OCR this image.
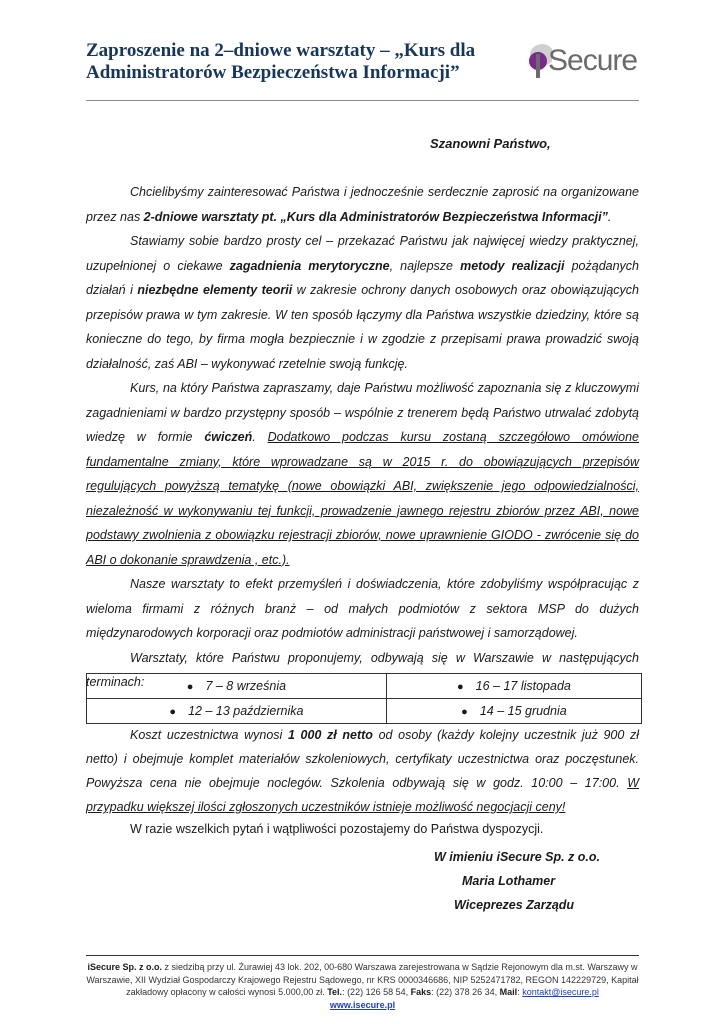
Zaproszenie na 2–dniowe warsztaty – „Kurs dla
Administratorów Bezpieczeństwa Informacji”	Secure
Szanowni Państwo,

Chcielibyśmy zainteresować Państwa i jednocześnie serdecznie zaprosić na organizowane przez nas 2-dniowe warsztaty pt. „Kurs dla Administratorów Bezpieczeństwa Informacji”.

Stawiamy sobie bardzo prosty cel – przekazać Państwu jak najwięcej wiedzy praktycznej, uzupełnionej o ciekawe zagadnienia merytoryczne, najlepsze metody realizacji pożądanych działań i niezbędne elementy teorii w zakresie ochrony danych osobowych oraz obowiązujących przepisów prawa w tym zakresie. W ten sposób łączymy dla Państwa wszystkie dziedziny, które są konieczne do tego, by firma mogła bezpiecznie i w zgodzie z przepisami prawa prowadzić swoją działalność, zaś ABI – wykonywać rzetelnie swoją funkcję.

Kurs, na który Państwa zapraszamy, daje Państwu możliwość zapoznania się z kluczowymi zagadnieniami w bardzo przystępny sposób – wspólnie z trenerem będą Państwo utrwalać zdobytą wiedzę w formie ćwiczeń. Dodatkowo podczas kursu zostaną szczegółowo omówione fundamentalne zmiany, które wprowadzane są w 2015 r. do obowiązujących przepisów regulujących powyższą tematykę (nowe obowiązki ABI, zwiększenie jego odpowiedzialności, niezależność w wykonywaniu tej funkcji, prowadzenie jawnego rejestru zbiorów przez ABI, nowe podstawy zwolnienia z obowiązku rejestracji zbiorów, nowe uprawnienie GIODO - zwrócenie się do ABI o dokonanie sprawdzenia , etc.).

Nasze warsztaty to efekt przemyśleń i doświadczenia, które zdobyliśmy współpracując z wieloma firmami z różnych branż – od małych podmiotów z sektora MSP do dużych międzynarodowych korporacji oraz podmiotów administracji państwowej i samorządowej.

Warsztaty, które Państwu proponujemy, odbywają się w Warszawie w następujących terminach:	● 7 – 8 września	● 16 – 17 listopada
● 12 – 13 października	● 14 – 15 grudnia

Koszt uczestnictwa wynosi 1 000 zł netto od osoby (każdy kolejny uczestnik już 900 zł netto) i obejmuje komplet materiałów szkoleniowych, certyfikaty uczestnictwa oraz poczęstunek. Powyższa cena nie obejmuje noclegów. Szkolenia odbywają się w godz. 10:00 – 17:00. W przypadku większej ilości zgłoszonych uczestników istnieje możliwość negocjacji ceny!

W razie wszelkich pytań i wątpliwości pozostajemy do Państwa dyspozycji.
W imieniu iSecure Sp. z o.o.
Maria Lothamer
Wiceprezes Zarządu
iSecure Sp. z o.o. z siedzibą przy ul. Żurawiej 43 lok. 202, 00-680 Warszawa zarejestrowana w Sądzie Rejonowym dla m.st. Warszawy w Warszawie, XII Wydział Gospodarczy Krajowego Rejestru Sądowego, nr KRS 0000346686, NIP 5252471782, REGON 142229729, Kapitał zakładowy opłacony w całości wynosi 5.000,00 zł. Tel.: (22) 126 58 54, Faks: (22) 378 26 34, Mail: kontakt@isecure.pl
www.isecure.pl
